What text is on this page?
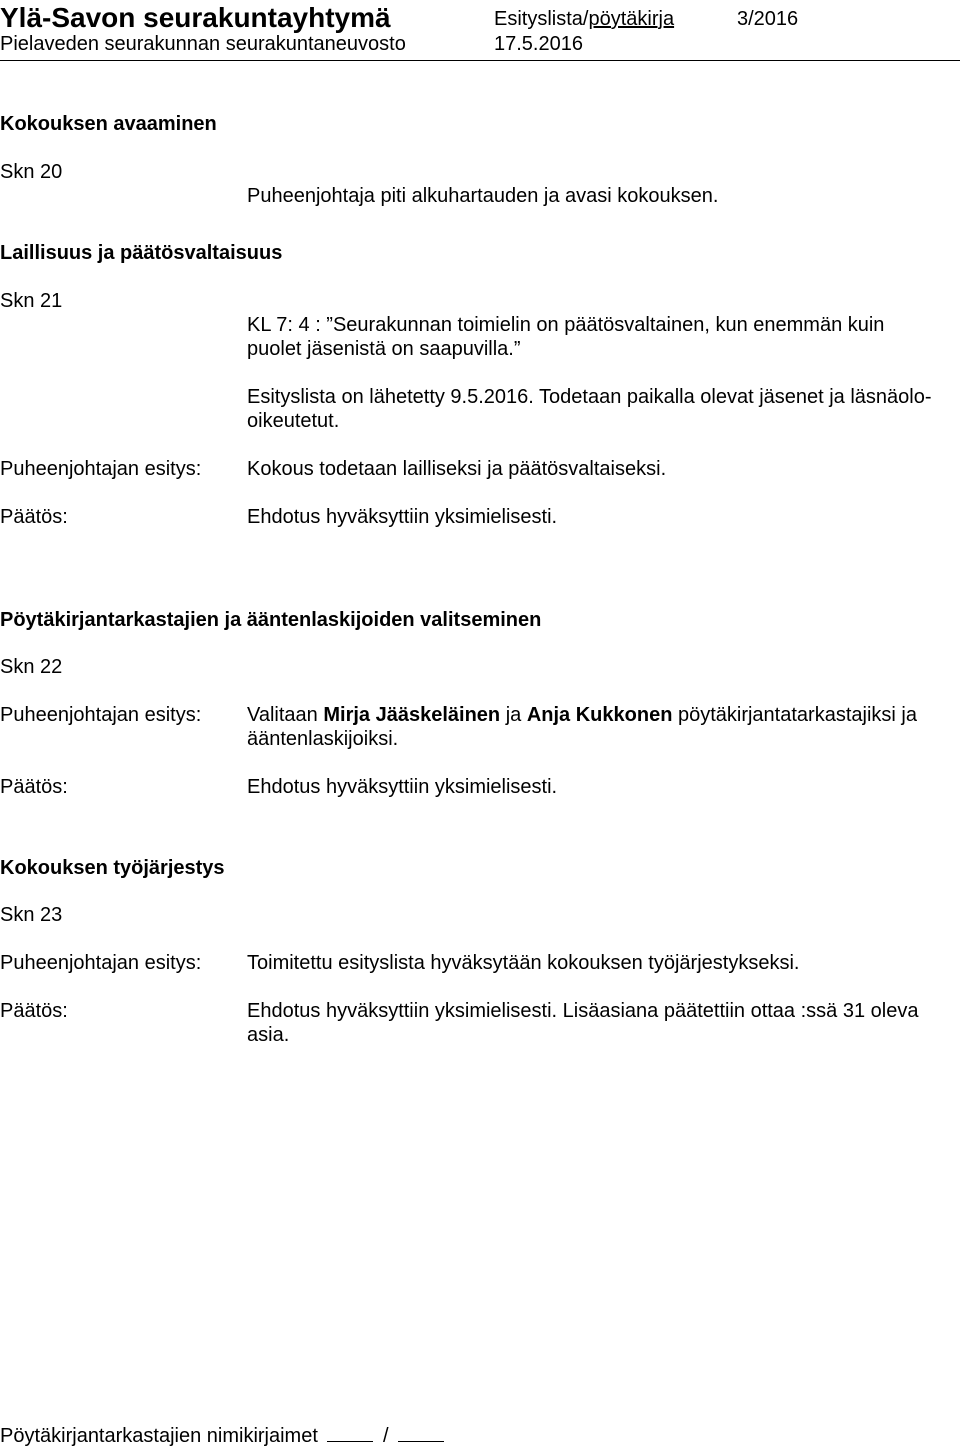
Ylä-Savon seurakuntayhtymä	Esityslista/pöytäkirja	3/2016
Pielaveden seurakunnan seurakuntaneuvosto	17.5.2016
Kokouksen avaaminen
Skn 20
Puheenjohtaja piti alkuhartauden ja avasi kokouksen.
Laillisuus ja päätösvaltaisuus
Skn 21
KL 7: 4 : ”Seurakunnan toimielin on päätösvaltainen, kun enemmän kuin puolet jäsenistä on saapuvilla.”
Esityslista on lähetetty 9.5.2016. Todetaan paikalla olevat jäsenet ja läsnäolooikeutetut.
Puheenjohtajan esitys: Kokous todetaan lailliseksi ja päätösvaltaiseksi.
Päätös:	Ehdotus hyväksyttiin yksimielisesti.
Pöytäkirjantarkastajien ja ääntenlaskijoiden valitseminen
Skn 22
Puheenjohtajan esitys: Valitaan Mirja Jääskeläinen ja Anja Kukkonen pöytäkirjantatarkastajiksi ja ääntenlaskijoiksi.
Päätös:	Ehdotus hyväksyttiin yksimielisesti.
Kokouksen työjärjestys
Skn 23
Puheenjohtajan esitys: Toimitettu esityslista hyväksytään kokouksen työjärjestykseksi.
Päätös:	Ehdotus hyväksyttiin yksimielisesti. Lisäasiana päätettiin ottaa :ssä 31 oleva asia.
Pöytäkirjantarkastajien nimikirjaimet	/
